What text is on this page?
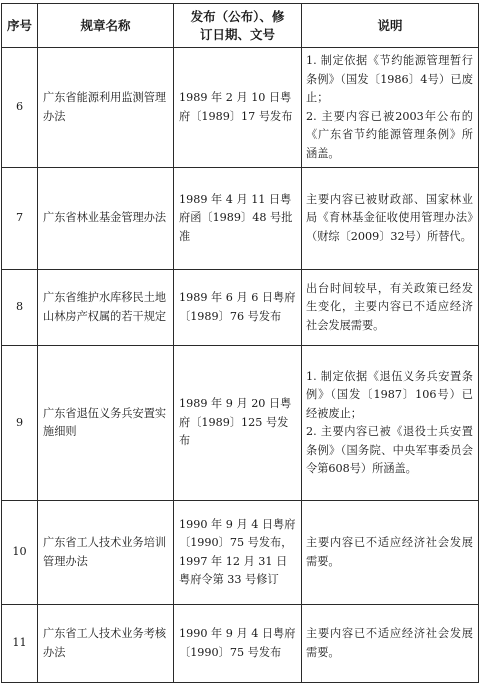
序号	规章名称	发布（公布）、修订日期、文号	说明
6	广东省能源利用监测管理办法	1989 年 2 月 10 日粤府〔1989〕17 号发布	1. 制定依据《节约能源管理暂行条例》（国发〔1986〕4号）已废止；

2. 主要内容已被2003年公布的《广东省节约能源管理条例》所涵盖。

7	广东省林业基金管理办法	1989 年 4 月 11 日粤府函〔1989〕48 号批准	主要内容已被财政部、国家林业局《育林基金征收使用管理办法》（财综〔2009〕32号）所替代。

8	广东省维护水库移民土地山林房产权属的若干规定	1989 年 6 月 6 日粤府〔1989〕76 号发布	出台时间较早，有关政策已经发生变化，主要内容已不适应经济社会发展需要。

9	广东省退伍义务兵安置实施细则	1989 年 9 月 20 日粤府〔1989〕125 号发布	1. 制定依据《退伍义务兵安置条例》（国发〔1987〕106号）已经被废止；

2. 主要内容已被《退役士兵安置条例》（国务院、中央军事委员会令第608号）所涵盖。

10	广东省工人技术业务培训管理办法	1990 年 9 月 4 日粤府〔1990〕75 号发布，1997 年 12 月 31 日粤府令第 33 号修订	主要内容已不适应经济社会发展需要。

11	广东省工人技术业务考核办法	1990 年 9 月 4 日粤府〔1990〕75 号发布	主要内容已不适应经济社会发展需要。
